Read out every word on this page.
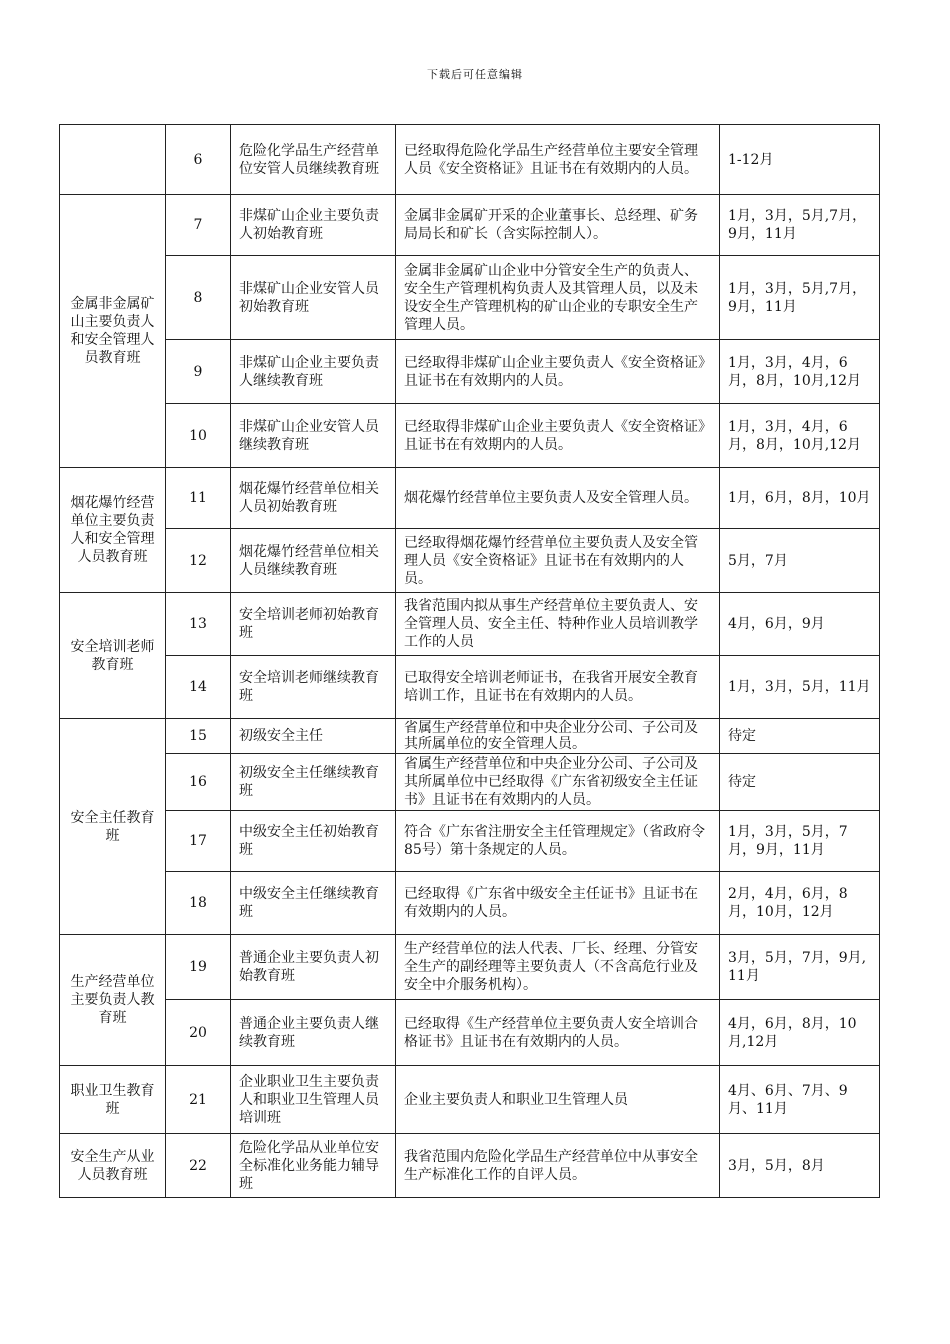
下载后可任意编辑
	6	危险化学品生产经营单位安管人员继续教育班	已经取得危险化学品生产经营单位主要安全管理人员《安全资格证》且证书在有效期内的人员。	1-12月
金属非金属矿山主要负责人和安全管理人员教育班	7	非煤矿山企业主要负责人初始教育班	金属非金属矿开采的企业董事长、总经理、矿务局局长和矿长（含实际控制人）。	1月，3月，5月,7月，9月，11月
	8	非煤矿山企业安管人员初始教育班	金属非金属矿山企业中分管安全生产的负责人、安全生产管理机构负责人及其管理人员，以及未设安全生产管理机构的矿山企业的专职安全生产管理人员。	1月，3月，5月,7月，9月，11月
	9	非煤矿山企业主要负责人继续教育班	已经取得非煤矿山企业主要负责人《安全资格证》且证书在有效期内的人员。	1月，3月，4月，6月，8月，10月,12月
	10	非煤矿山企业安管人员继续教育班	已经取得非煤矿山企业主要负责人《安全资格证》且证书在有效期内的人员。	1月，3月，4月，6月，8月，10月,12月
烟花爆竹经营单位主要负责人和安全管理人员教育班	11	烟花爆竹经营单位相关人员初始教育班	烟花爆竹经营单位主要负责人及安全管理人员。	1月，6月，8月，10月
	12	烟花爆竹经营单位相关人员继续教育班	已经取得烟花爆竹经营单位主要负责人及安全管理人员《安全资格证》且证书在有效期内的人员。	5月，7月
安全培训老师教育班	13	安全培训老师初始教育班	我省范围内拟从事生产经营单位主要负责人、安全管理人员、安全主任、特种作业人员培训教学工作的人员	4月，6月，9月
	14	安全培训老师继续教育班	已取得安全培训老师证书，在我省开展安全教育培训工作，且证书在有效期内的人员。	1月，3月，5月，11月
安全主任教育班	15	初级安全主任	省属生产经营单位和中央企业分公司、子公司及其所属单位的安全管理人员。	待定
	16	初级安全主任继续教育班	省属生产经营单位和中央企业分公司、子公司及其所属单位中已经取得《广东省初级安全主任证书》且证书在有效期内的人员。	待定
	17	中级安全主任初始教育班	符合《广东省注册安全主任管理规定》（省政府令85号）第十条规定的人员。	1月，3月，5月，7月，9月，11月
	18	中级安全主任继续教育班	已经取得《广东省中级安全主任证书》且证书在有效期内的人员。	2月，4月，6月，8月，10月，12月
生产经营单位主要负责人教育班	19	普通企业主要负责人初始教育班	生产经营单位的法人代表、厂长、经理、分管安全生产的副经理等主要负责人（不含高危行业及安全中介服务机构）。	3月，5月，7月，9月,11月
	20	普通企业主要负责人继续教育班	已经取得《生产经营单位主要负责人安全培训合格证书》且证书在有效期内的人员。	4月，6月，8月，10月,12月
职业卫生教育班	21	企业职业卫生主要负责人和职业卫生管理人员培训班	企业主要负责人和职业卫生管理人员	4月、6月、7月、9月、11月
安全生产从业人员教育班	22	危险化学品从业单位安全标准化业务能力辅导班	我省范围内危险化学品生产经营单位中从事安全生产标准化工作的自评人员。	3月，5月，8月
